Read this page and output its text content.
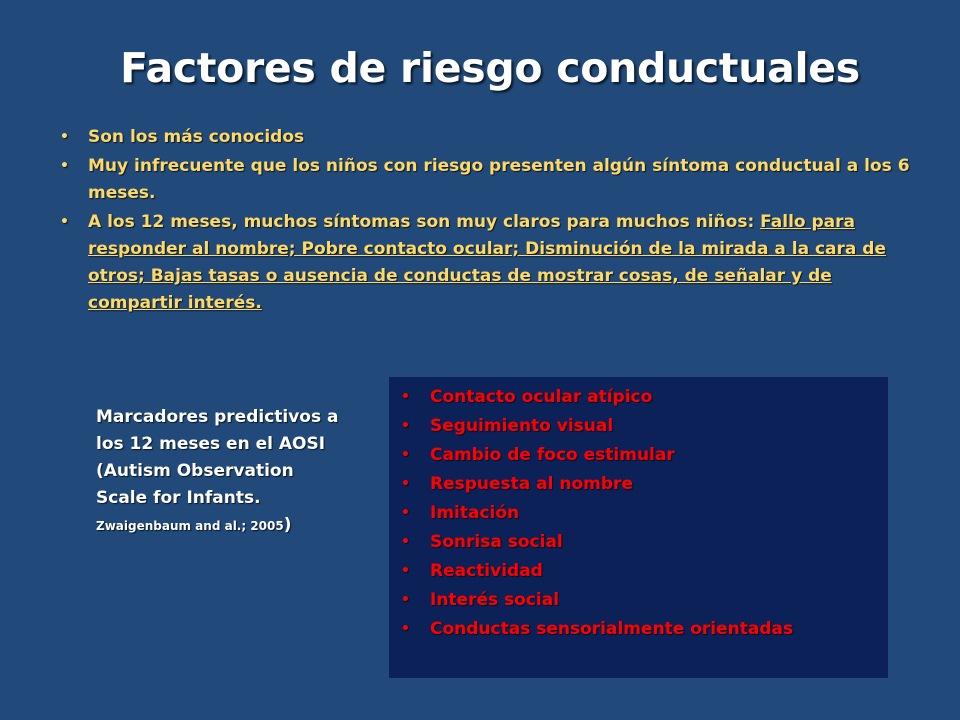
Factores de riesgo conductuales
• Son los más conocidos
• Muy infrecuente que los niños con riesgo presenten algún síntoma conductual a los 6 meses.
• A los 12 meses, muchos síntomas son muy claros para muchos niños: Fallo para responder al nombre; Pobre contacto ocular; Disminución de la mirada a la cara de otros; Bajas tasas o ausencia de conductas de mostrar cosas, de señalar y de compartir interés.
Marcadores predictivos a los 12 meses en el AOSI (Autism Observation Scale for Infants. Zwaigenbaum and al.; 2005)
• Contacto ocular atípico
• Seguimiento visual
• Cambio de foco estimular
• Respuesta al nombre
• Imitación
• Sonrisa social
• Reactividad
• Interés social
• Conductas sensorialmente orientadas
